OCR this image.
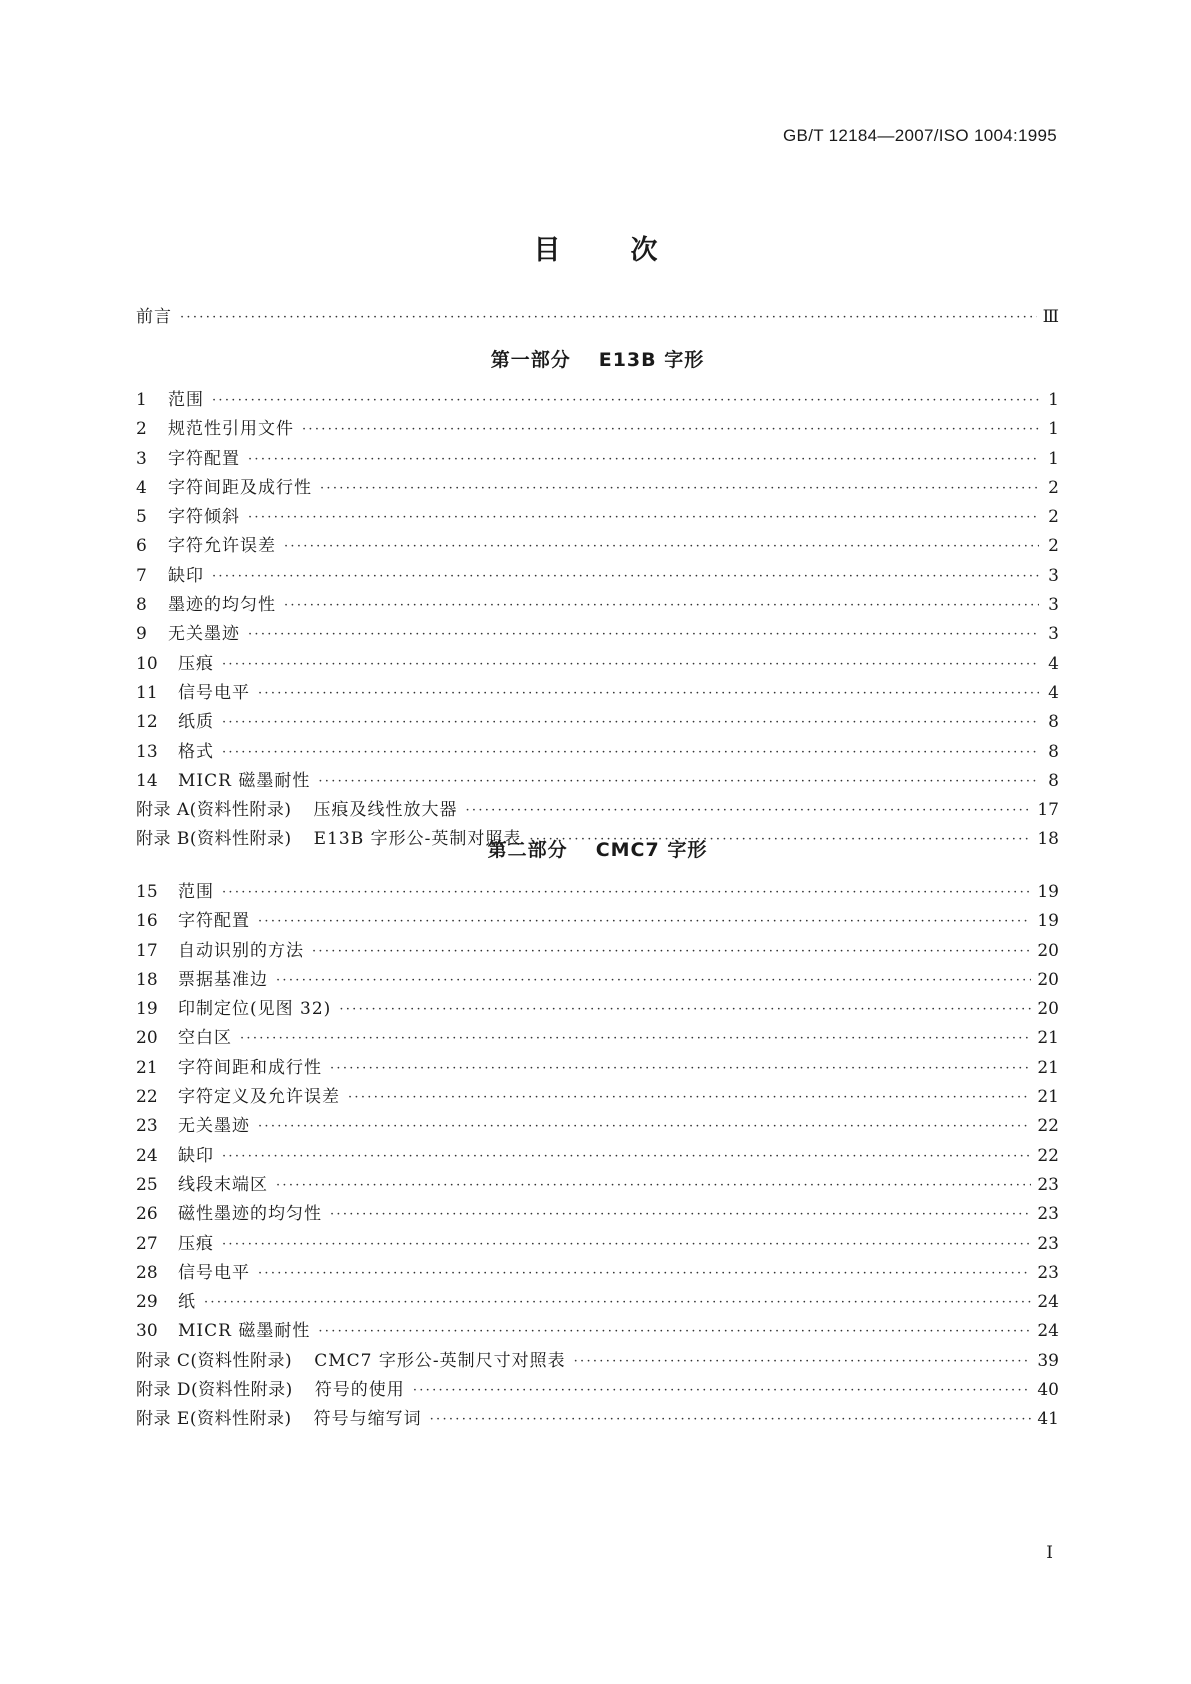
GB/T 12184—2007/ISO 1004:1995
目	次
前言 ·····	Ⅲ
第一部分 E13B 字形
1	范围 ·····	1
2	规范性引用文件 ·····	1
3	字符配置 ·····	1
4	字符间距及成行性 ·····	2
5	字符倾斜 ·····	2
6	字符允许误差 ·····	2
7	缺印 ·····	3
8	墨迹的均匀性 ·····	3
9	无关墨迹 ·····	3
10	压痕 ·····	4
11	信号电平 ·····	4
12	纸质 ·····	8
13	格式 ·····	8
14	MICR 磁墨耐性 ·····	8
附录 A(资料性附录) 压痕及线性放大器 ·····	17
附录 B(资料性附录) E13B 字形公-英制对照表 ·····	18
第二部分 CMC7 字形
15	范围 ·····	19
16	字符配置 ·····	19
17	自动识别的方法 ·····	20
18	票据基准边 ·····	20
19	印制定位(见图 32) ·····	20
20	空白区 ·····	21
21	字符间距和成行性 ·····	21
22	字符定义及允许误差 ·····	21
23	无关墨迹 ·····	22
24	缺印 ·····	22
25	线段末端区 ·····	23
26	磁性墨迹的均匀性 ·····	23
27	压痕 ·····	23
28	信号电平 ·····	23
29	纸 ·····	24
30	MICR 磁墨耐性 ·····	24
附录 C(资料性附录) CMC7 字形公-英制尺寸对照表 ·····	39
附录 D(资料性附录) 符号的使用 ·····	40
附录 E(资料性附录) 符号与缩写词 ·····	41
Ⅰ
